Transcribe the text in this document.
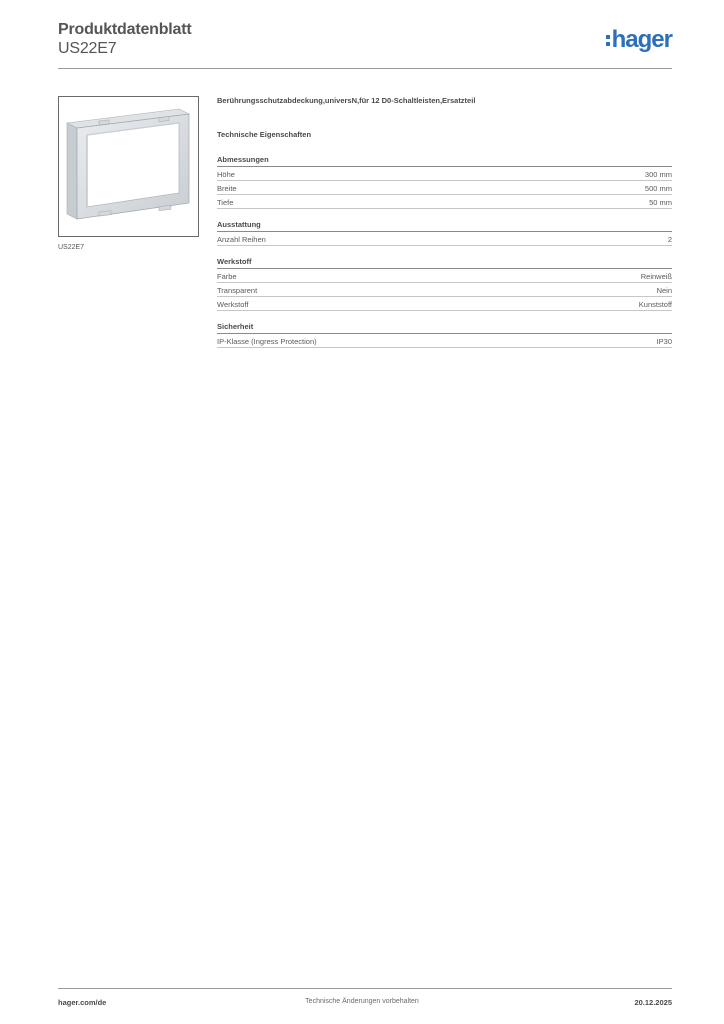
Produktdatenblatt
US22E7	hager
US22E7
Berührungsschutzabdeckung,universN,für 12 D0-Schaltleisten,Ersatzteil
Technische Eigenschaften
Abmessungen
Höhe	300 mm
Breite	500 mm
Tiefe	50 mm
Ausstattung
Anzahl Reihen	2
Werkstoff
Farbe	Reinweiß
Transparent	Nein
Werkstoff	Kunststoff
Sicherheit
IP-Klasse (Ingress Protection)	IP30
hager.com/de	Technische Änderungen vorbehalten	20.12.2025
